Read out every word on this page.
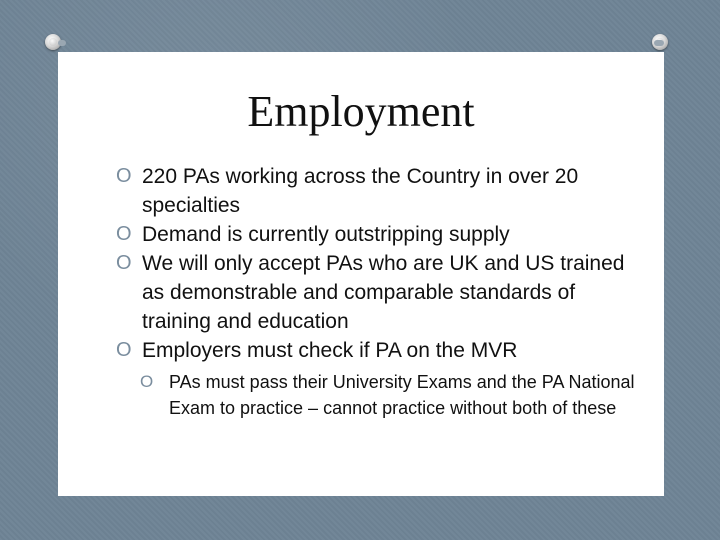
Employment
O 220 PAs working across the Country in over 20 specialties
O Demand is currently outstripping supply
O We will only accept PAs who are UK and US trained as demonstrable and comparable standards of training and education
O Employers must check if PA on the MVR
O PAs must pass their University Exams and the PA National Exam to practice – cannot practice without both of these
